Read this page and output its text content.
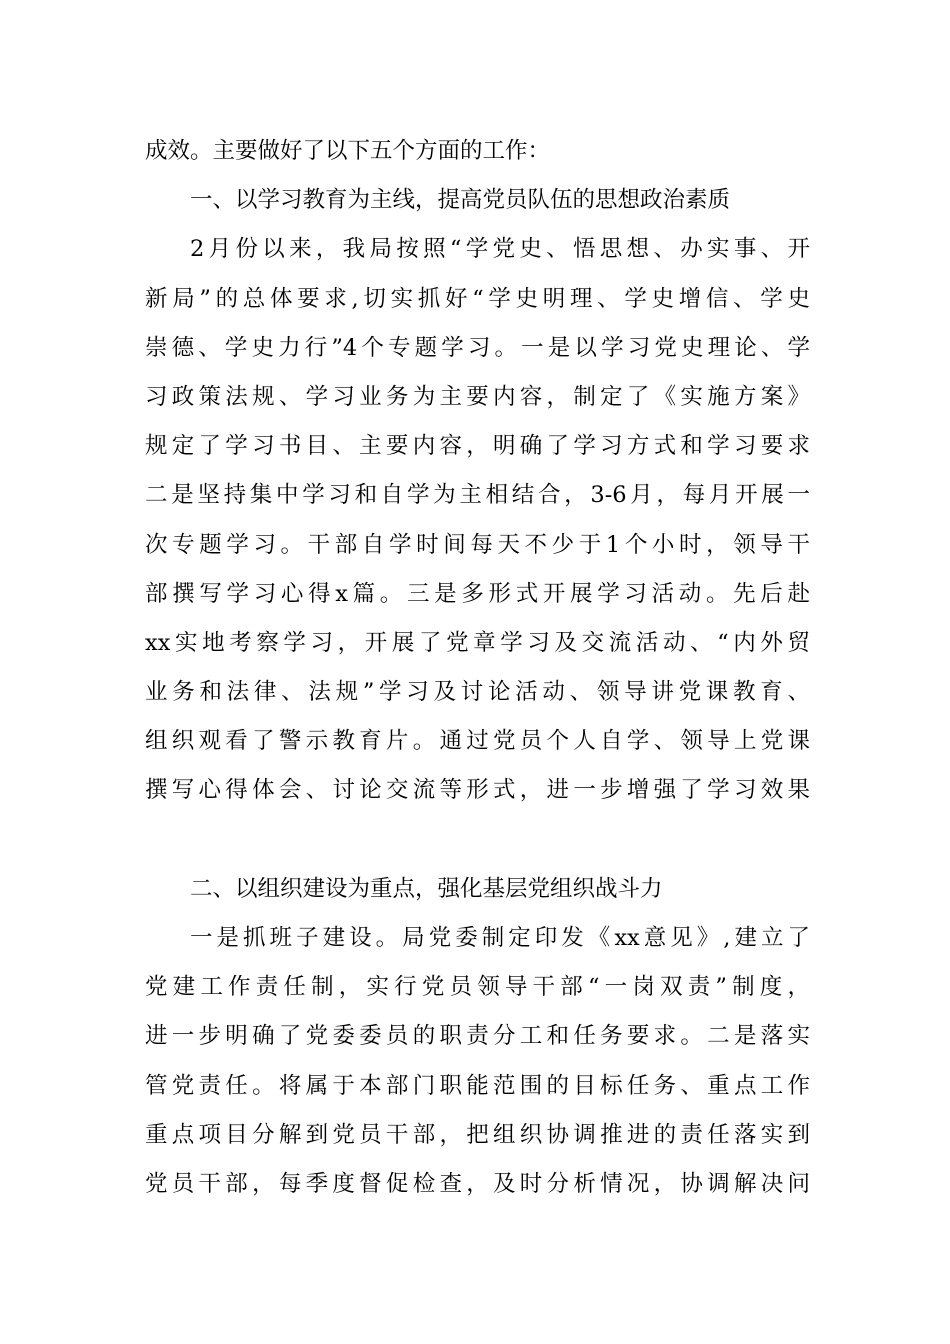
成效。主要做好了以下五个方面的工作：
一、以学习教育为主线，提高党员队伍的思想政治素质
2月份以来，我局按照“学党史、悟思想、办实事、开
新局”的总体要求,切实抓好“学史明理、学史增信、学史
崇德、学史力行”4个专题学习。一是以学习党史理论、学
习政策法规、学习业务为主要内容，制定了《实施方案》
规定了学习书目、主要内容，明确了学习方式和学习要求
二是坚持集中学习和自学为主相结合，3-6月，每月开展一
次专题学习。干部自学时间每天不少于1个小时，领导干
部撰写学习心得x篇。三是多形式开展学习活动。先后赴
xx实地考察学习，开展了党章学习及交流活动、“内外贸
业务和法律、法规”学习及讨论活动、领导讲党课教育、
组织观看了警示教育片。通过党员个人自学、领导上党课
撰写心得体会、讨论交流等形式，进一步增强了学习效果
二、以组织建设为重点，强化基层党组织战斗力
一是抓班子建设。局党委制定印发《xx意见》,建立了
党建工作责任制，实行党员领导干部“一岗双责”制度，
进一步明确了党委委员的职责分工和任务要求。二是落实
管党责任。将属于本部门职能范围的目标任务、重点工作
重点项目分解到党员干部，把组织协调推进的责任落实到
党员干部，每季度督促检查，及时分析情况，协调解决问
